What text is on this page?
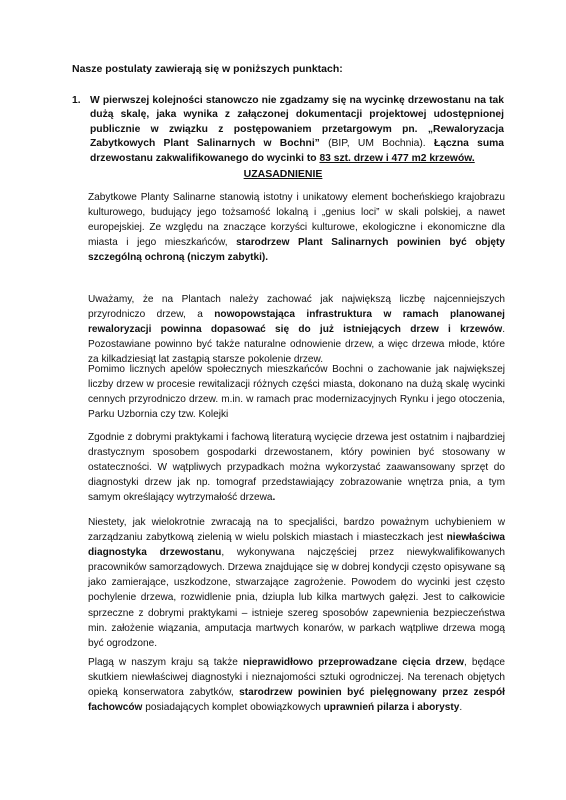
Nasze postulaty zawierają się w poniższych punktach:
1. W pierwszej kolejności stanowczo nie zgadzamy się na wycinkę drzewostanu na tak dużą skalę, jaka wynika z załączonej dokumentacji projektowej udostępnionej publicznie w związku z postępowaniem przetargowym pn. „Rewaloryzacja Zabytkowych Plant Salinarnych w Bochni” (BIP, UM Bochnia). Łączna suma drzewostanu zakwalifikowanego do wycinki to 83 szt. drzew i 477 m2 krzewów.
UZASADNIENIE
Zabytkowe Planty Salinarne stanowią istotny i unikatowy element bocheńskiego krajobrazu kulturowego, budujący jego tożsamość lokalną i „genius loci” w skali polskiej, a nawet europejskiej. Ze względu na znaczące korzyści kulturowe, ekologiczne i ekonomiczne dla miasta i jego mieszkańców, starodrzew Plant Salinarnych powinien być objęty szczególną ochroną (niczym zabytki).
Uważamy, że na Plantach należy zachować jak największą liczbę najcenniejszych przyrodniczo drzew, a nowopowstająca infrastruktura w ramach planowanej rewaloryzacji powinna dopasować się do już istniejących drzew i krzewów. Pozostawiane powinno być także naturalne odnowienie drzew, a więc drzewa młode, które za kilkadziesiąt lat zastąpią starsze pokolenie drzew.
Pomimo licznych apelów społecznych mieszkańców Bochni o zachowanie jak największej liczby drzew w procesie rewitalizacji różnych części miasta, dokonano na dużą skalę wycinki cennych przyrodniczo drzew. m.in. w ramach prac modernizacyjnych Rynku i jego otoczenia, Parku Uzbornia czy tzw. Kolejki
Zgodnie z dobrymi praktykami i fachową literaturą wycięcie drzewa jest ostatnim i najbardziej drastycznym sposobem gospodarki drzewostanem, który powinien być stosowany w ostateczności. W wątpliwych przypadkach można wykorzystać zaawansowany sprzęt do diagnostyki drzew jak np. tomograf przedstawiający zobrazowanie wnętrza pnia, a tym samym określający wytrzymałość drzewa.
Niestety, jak wielokrotnie zwracają na to specjaliści, bardzo poważnym uchybieniem w zarządzaniu zabytkową zielenią w wielu polskich miastach i miasteczkach jest niewłaściwa diagnostyka drzewostanu, wykonywana najczęściej przez niewykwalifikowanych pracowników samorządowych. Drzewa znajdujące się w dobrej kondycji często opisywane są jako zamierające, uszkodzone, stwarzające zagrożenie. Powodem do wycinki jest często pochylenie drzewa, rozwidlenie pnia, dziupla lub kilka martwych gałęzi. Jest to całkowicie sprzeczne z dobrymi praktykami – istnieje szereg sposobów zapewnienia bezpieczeństwa min. założenie wiązania, amputacja martwych konarów, w parkach wątpliwe drzewa mogą być ogrodzone.
Plagą w naszym kraju są także nieprawidłowo przeprowadzane cięcia drzew, będące skutkiem niewłaściwej diagnostyki i nieznajomości sztuki ogrodniczej. Na terenach objętych opieką konserwatora zabytków, starodrzew powinien być pielęgnowany przez zespół fachowców posiadających komplet obowiązkowych uprawnień pilarza i aborysty.
